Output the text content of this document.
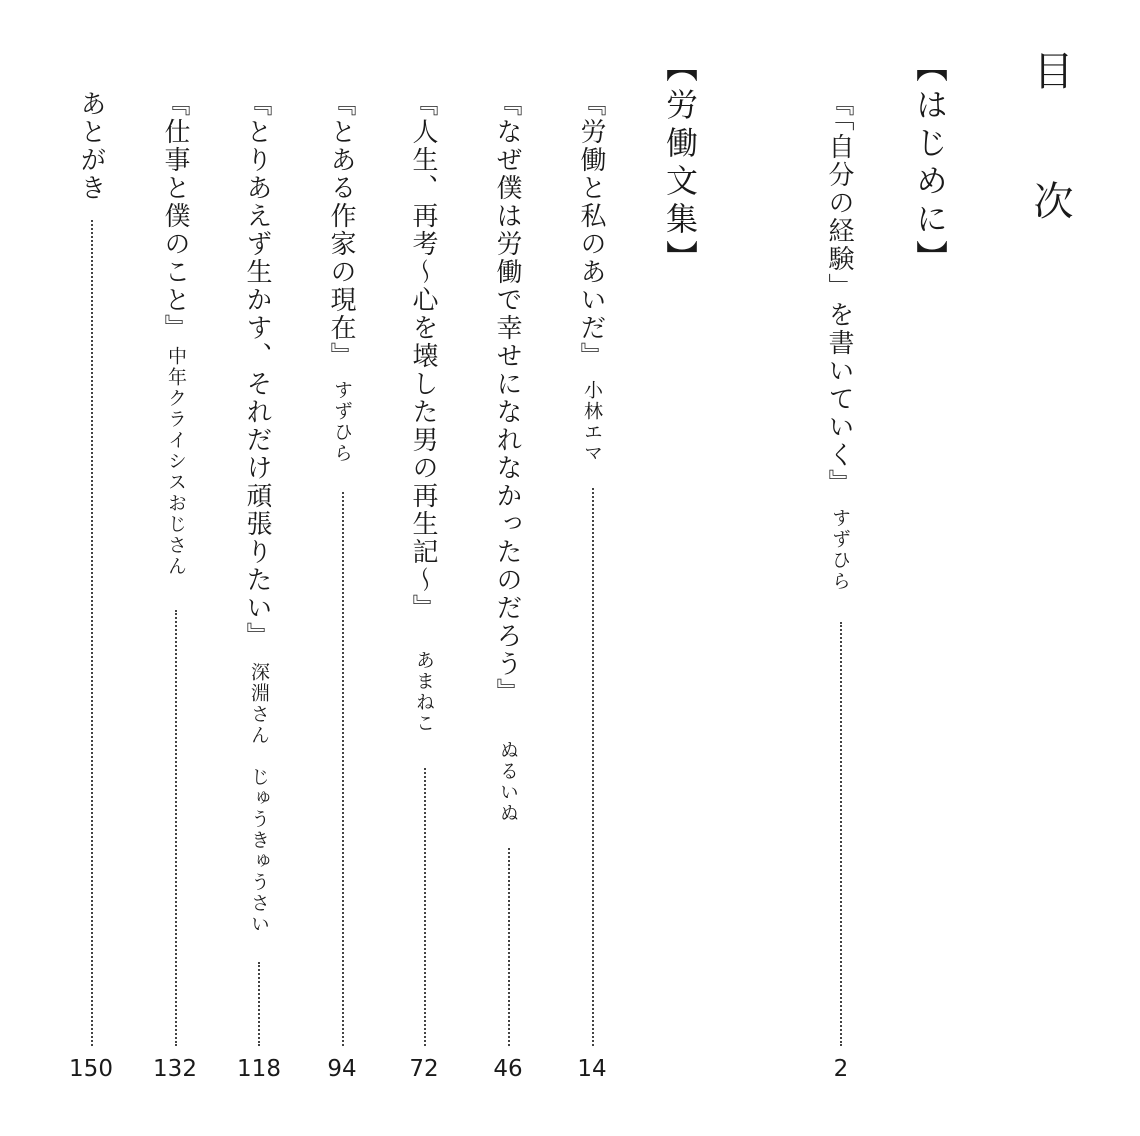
目 次
【はじめに】
『「自分の経験」を書いていく』
すずひら
2
【労働文集】
『労働と私のあいだ』
小林エマ
14
『なぜ僕は労働で幸せになれなかったのだろう』
ぬるいぬ
46
『人生、再考～心を壊した男の再生記～』
あまねこ
72
『とある作家の現在』
すずひら
94
『とりあえず生かす、それだけ頑張りたい』
深淵さん　じゅうきゅうさい
118
『仕事と僕のこと』
中年クライシスおじさん
132
あとがき
150
